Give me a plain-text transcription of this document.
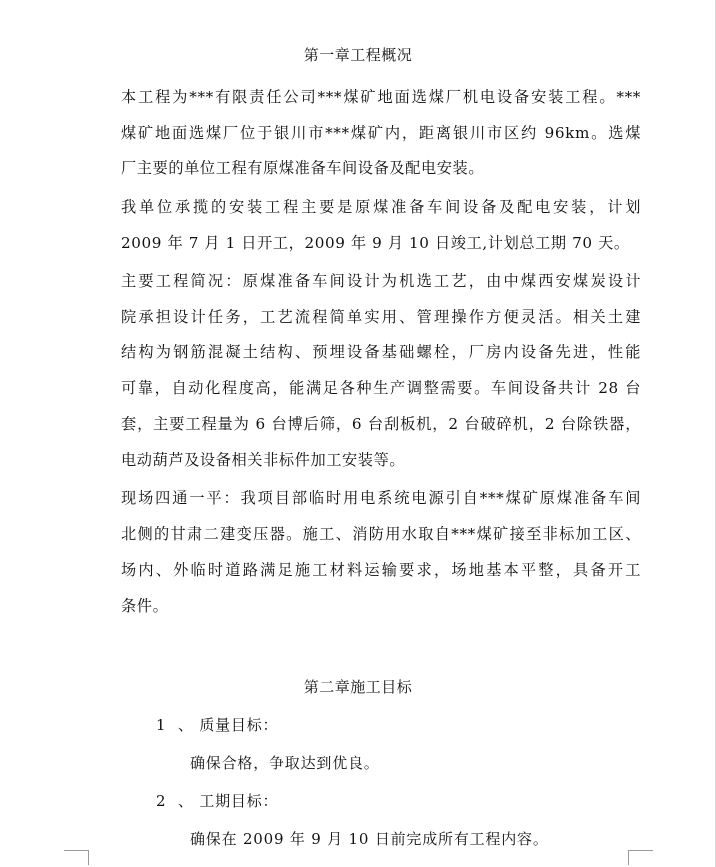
第一章工程概况
本工程为***有限责任公司***煤矿地面选煤厂机电设备安装工程。***
煤矿地面选煤厂位于银川市***煤矿内，距离银川市区约 96km。选煤
厂主要的单位工程有原煤准备车间设备及配电安装。
我单位承揽的安装工程主要是原煤准备车间设备及配电安装，计划
2009 年 7 月 1 日开工，2009 年 9 月 10 日竣工,计划总工期 70 天。
主要工程简况：原煤准备车间设计为机选工艺，由中煤西安煤炭设计
院承担设计任务，工艺流程简单实用、管理操作方便灵活。相关土建
结构为钢筋混凝土结构、预埋设备基础螺栓，厂房内设备先进，性能
可靠，自动化程度高，能满足各种生产调整需要。车间设备共计 28 台
套，主要工程量为 6 台博后筛，6 台刮板机，2 台破碎机，2 台除铁器，
电动葫芦及设备相关非标件加工安装等。
现场四通一平：我项目部临时用电系统电源引自***煤矿原煤准备车间
北侧的甘肃二建变压器。施工、消防用水取自***煤矿接至非标加工区、
场内、外临时道路满足施工材料运输要求，场地基本平整，具备开工
条件。
第二章施工目标
1 、 质量目标：
确保合格，争取达到优良。
2 、 工期目标：
确保在 2009 年 9 月 10 日前完成所有工程内容。
